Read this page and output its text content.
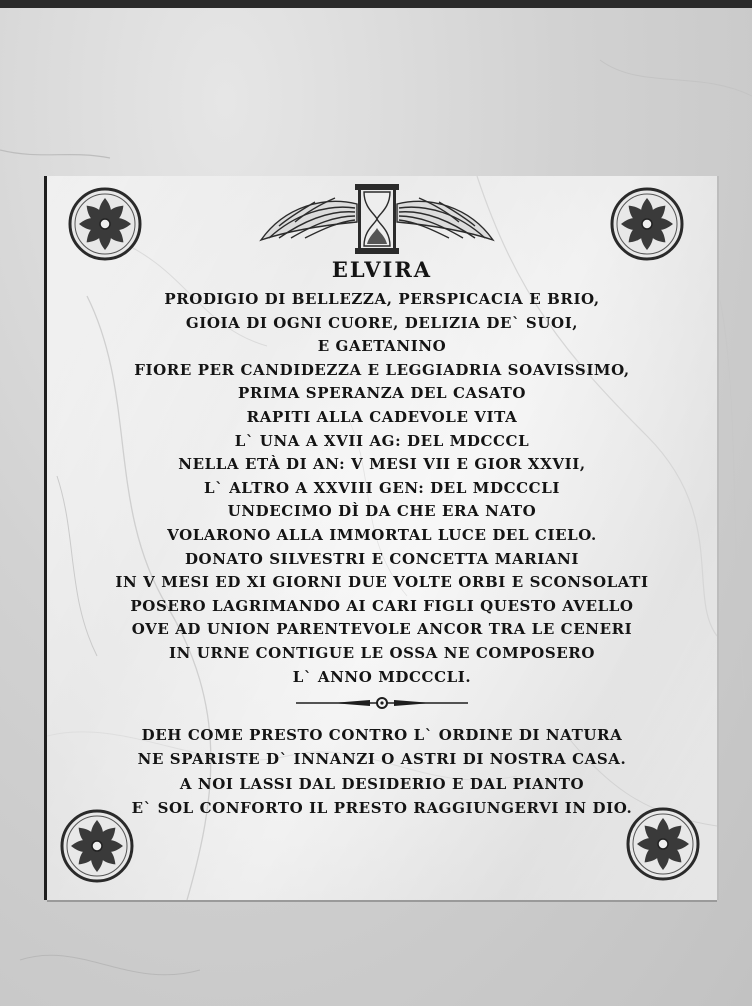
ELVIRA
PRODIGIO DI BELLEZZA, PERSPICACIA E BRIO,
GIOIA DI OGNI CUORE, DELIZIA DE` SUOI,
E GAETANINO
FIORE PER CANDIDEZZA E LEGGIADRIA SOAVISSIMO,
PRIMA SPERANZA DEL CASATO
RAPITI ALLA CADEVOLE VITA
L` UNA A XVII AG: DEL MDCCCL
NELLA ETÀ DI AN: V MESI VII E GIOR XXVII,
L` ALTRO A XXVIII GEN: DEL MDCCCLI
UNDECIMO DÌ DA CHE ERA NATO
VOLARONO ALLA IMMORTAL LUCE DEL CIELO.
DONATO SILVESTRI E CONCETTA MARIANI
IN V MESI ED XI GIORNI DUE VOLTE ORBI E SCONSOLATI
POSERO LAGRIMANDO AI CARI FIGLI QUESTO AVELLO
OVE AD UNION PARENTEVOLE ANCOR TRA LE CENERI
IN URNE CONTIGUE LE OSSA NE COMPOSERO
L` ANNO MDCCCLI.
DEH COME PRESTO CONTRO L` ORDINE DI NATURA
NE SPARISTE D` INNANZI O ASTRI DI NOSTRA CASA.
A NOI LASSI DAL DESIDERIO E DAL PIANTO
E` SOL CONFORTO IL PRESTO RAGGIUNGERVI IN DIO.
